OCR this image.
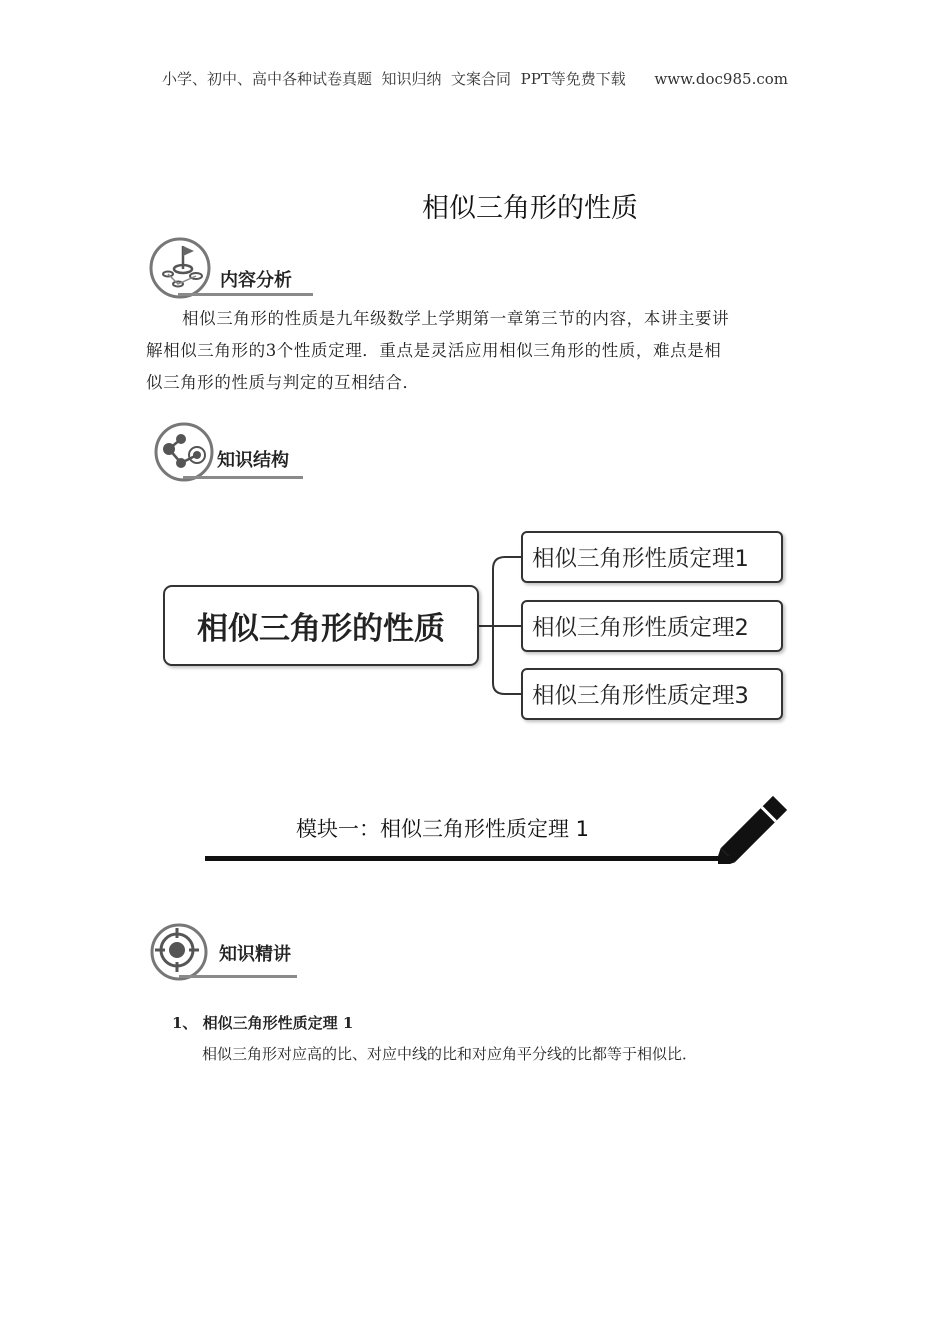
小学、初中、高中各种试卷真题  知识归纳  文案合同  PPT等免费下载      www.doc985.com
相似三角形的性质
内容分析
相似三角形的性质是九年级数学上学期第一章第三节的内容，本讲主要讲
解相似三角形的3个性质定理．重点是灵活应用相似三角形的性质，难点是相
似三角形的性质与判定的互相结合．
知识结构
相似三角形的性质
相似三角形性质定理1
相似三角形性质定理2
相似三角形性质定理3
模块一：相似三角形性质定理 1
知识精讲
1、 相似三角形性质定理 1
相似三角形对应高的比、对应中线的比和对应角平分线的比都等于相似比．
